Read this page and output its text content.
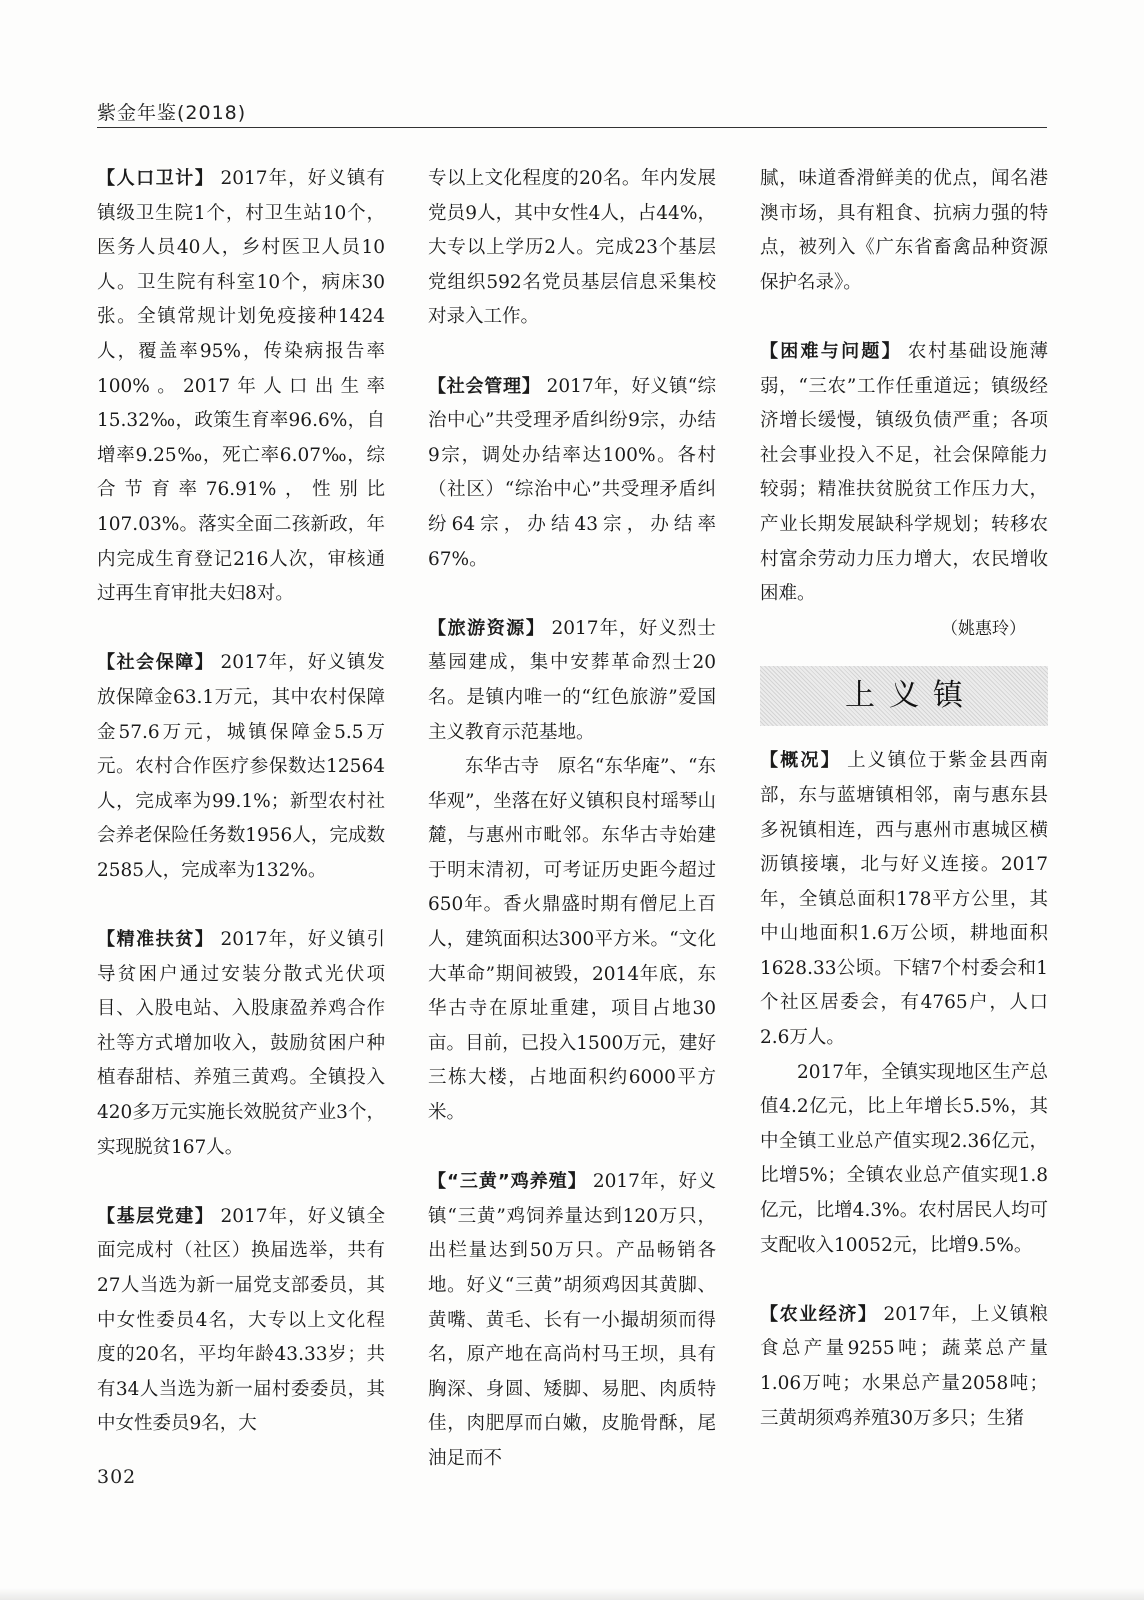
紫金年鉴(2018)

【人口卫计】 2017年，好义镇有镇级卫生院1个，村卫生站10个，医务人员40人，乡村医卫人员10人。卫生院有科室10个，病床30张。全镇常规计划免疫接种1424人，覆盖率95%，传染病报告率100%。2017年人口出生率15.32‰，政策生育率96.6%，自增率9.25‰，死亡率6.07‰，综合节育率76.91%，性别比107.03%。落实全面二孩新政，年内完成生育登记216人次，审核通过再生育审批夫妇8对。

【社会保障】 2017年，好义镇发放保障金63.1万元，其中农村保障金57.6万元，城镇保障金5.5万元。农村合作医疗参保数达12564人，完成率为99.1%；新型农村社会养老保险任务数1956人，完成数2585人，完成率为132%。

【精准扶贫】 2017年，好义镇引导贫困户通过安装分散式光伏项目、入股电站、入股康盈养鸡合作社等方式增加收入，鼓励贫困户种植春甜桔、养殖三黄鸡。全镇投入420多万元实施长效脱贫产业3个，实现脱贫167人。

【基层党建】 2017年，好义镇全面完成村（社区）换届选举，共有27人当选为新一届党支部委员，其中女性委员4名，大专以上文化程度的20名，平均年龄43.33岁；共有34人当选为新一届村委委员，其中女性委员9名，大

专以上文化程度的20名。年内发展党员9人，其中女性4人，占44%，大专以上学历2人。完成23个基层党组织592名党员基层信息采集校对录入工作。

【社会管理】 2017年，好义镇“综治中心”共受理矛盾纠纷9宗，办结9宗，调处办结率达100%。各村（社区）“综治中心”共受理矛盾纠纷64宗，办结43宗，办结率67%。

【旅游资源】 2017年，好义烈士墓园建成，集中安葬革命烈士20名。是镇内唯一的“红色旅游”爱国主义教育示范基地。

东华古寺　原名“东华庵”、“东华观”，坐落在好义镇积良村瑶琴山麓，与惠州市毗邻。东华古寺始建于明末清初，可考证历史距今超过650年。香火鼎盛时期有僧尼上百人，建筑面积达300平方米。“文化大革命”期间被毁，2014年底，东华古寺在原址重建，项目占地30亩。目前，已投入1500万元，建好三栋大楼，占地面积约6000平方米。

【“三黄”鸡养殖】 2017年，好义镇“三黄”鸡饲养量达到120万只，出栏量达到50万只。产品畅销各地。好义“三黄”胡须鸡因其黄脚、黄嘴、黄毛、长有一小撮胡须而得名，原产地在高尚村马王坝，具有胸深、身圆、矮脚、易肥、肉质特佳，肉肥厚而白嫩，皮脆骨酥，尾油足而不

腻，味道香滑鲜美的优点，闻名港澳市场，具有粗食、抗病力强的特点，被列入《广东省畜禽品种资源保护名录》。

【困难与问题】 农村基础设施薄弱，“三农”工作任重道远；镇级经济增长缓慢，镇级负债严重；各项社会事业投入不足，社会保障能力较弱；精准扶贫脱贫工作压力大，产业长期发展缺科学规划；转移农村富余劳动力压力增大，农民增收困难。

（姚惠玲）

上义镇

【概况】 上义镇位于紫金县西南部，东与蓝塘镇相邻，南与惠东县多祝镇相连，西与惠州市惠城区横沥镇接壤，北与好义连接。2017年，全镇总面积178平方公里，其中山地面积1.6万公顷，耕地面积1628.33公顷。下辖7个村委会和1个社区居委会，有4765户，人口2.6万人。

2017年，全镇实现地区生产总值4.2亿元，比上年增长5.5%，其中全镇工业总产值实现2.36亿元，比增5%；全镇农业总产值实现1.8亿元，比增4.3%。农村居民人均可支配收入10052元，比增9.5%。

【农业经济】 2017年，上义镇粮食总产量9255吨；蔬菜总产量1.06万吨；水果总产量2058吨；三黄胡须鸡养殖30万多只；生猪

302
